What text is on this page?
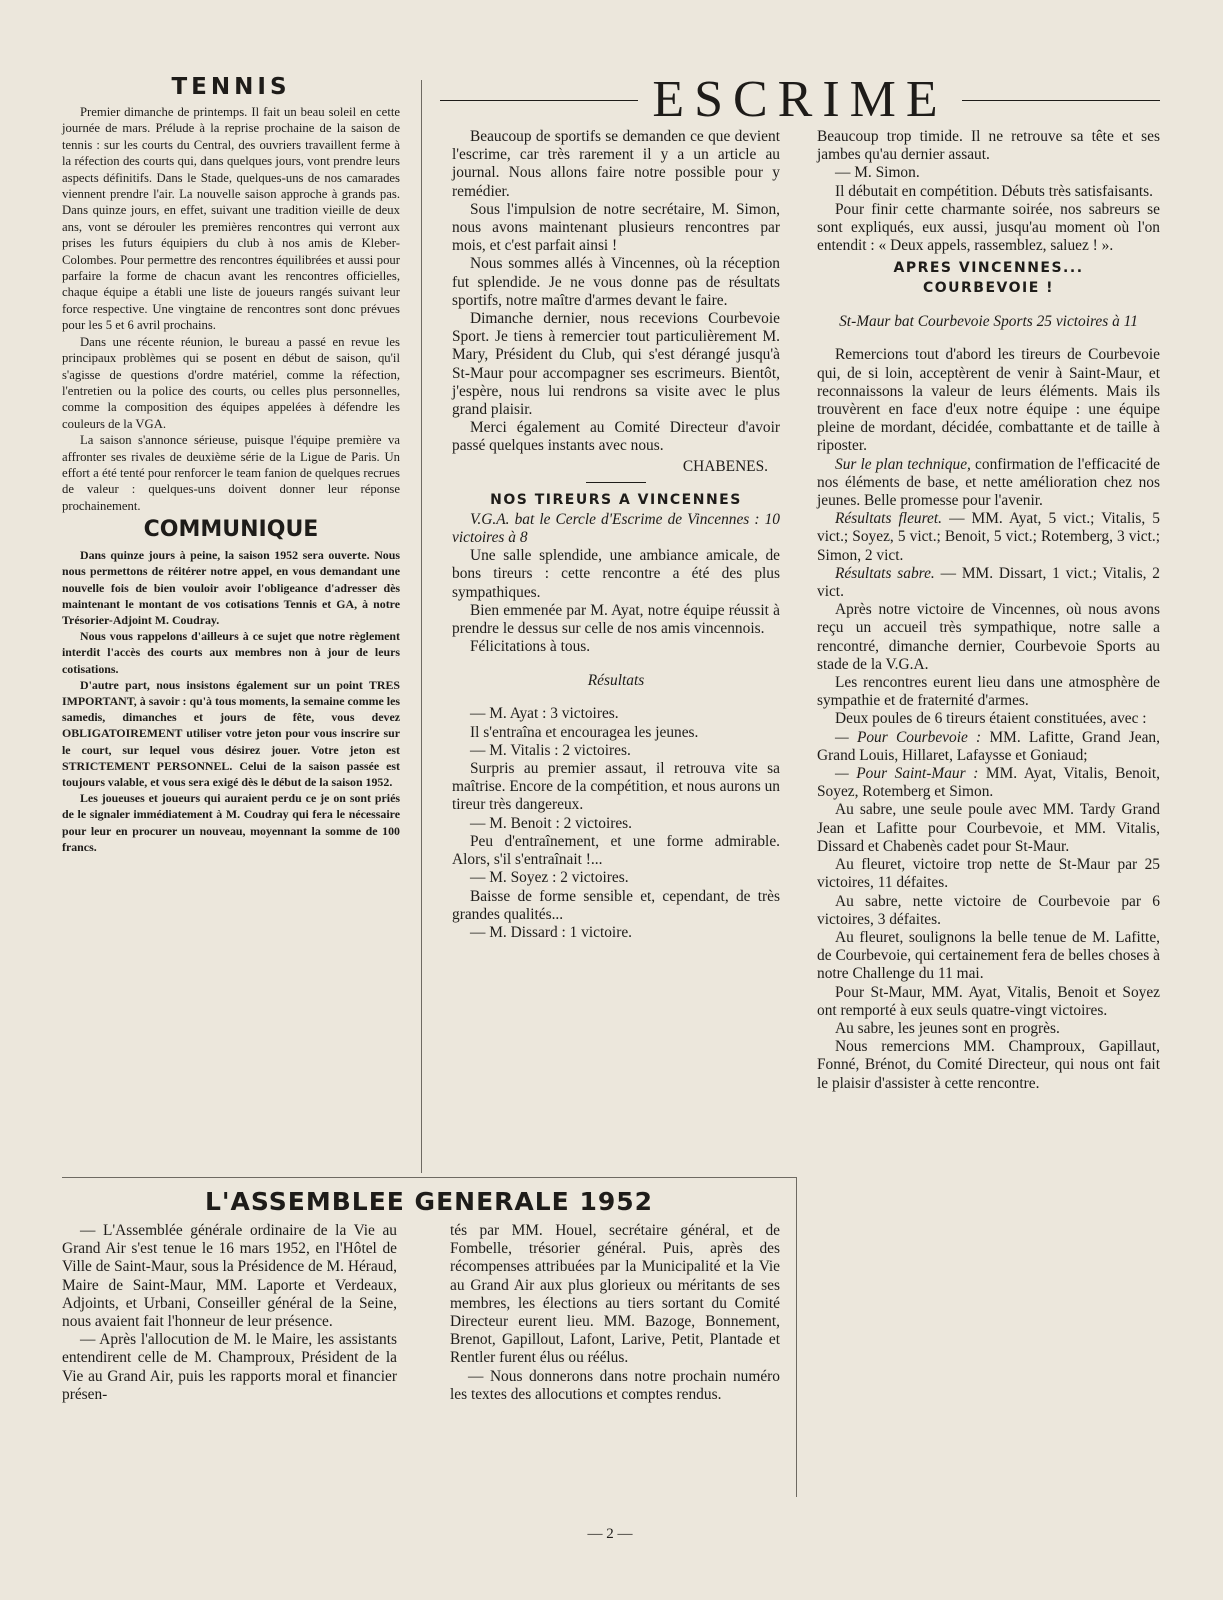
TENNIS

Premier dimanche de printemps. Il fait un beau soleil en cette journée de mars. Prélude à la reprise prochaine de la saison de tennis : sur les courts du Central, des ouvriers travaillent ferme à la réfection des courts qui, dans quelques jours, vont prendre leurs aspects définitifs. Dans le Stade, quelques-uns de nos camarades viennent prendre l'air. La nouvelle saison approche à grands pas. Dans quinze jours, en effet, suivant une tradition vieille de deux ans, vont se dérouler les premières rencontres qui verront aux prises les futurs équipiers du club à nos amis de Kleber-Colombes. Pour permettre des rencontres équilibrées et aussi pour parfaire la forme de chacun avant les rencontres officielles, chaque équipe a établi une liste de joueurs rangés suivant leur force respective. Une vingtaine de rencontres sont donc prévues pour les 5 et 6 avril prochains.

Dans une récente réunion, le bureau a passé en revue les principaux problèmes qui se posent en début de saison, qu'il s'agisse de questions d'ordre matériel, comme la réfection, l'entretien ou la police des courts, ou celles plus personnelles, comme la composition des équipes appelées à défendre les couleurs de la VGA.

La saison s'annonce sérieuse, puisque l'équipe première va affronter ses rivales de deuxième série de la Ligue de Paris. Un effort a été tenté pour renforcer le team fanion de quelques recrues de valeur : quelques-uns doivent donner leur réponse prochainement.

COMMUNIQUE

Dans quinze jours à peine, la saison 1952 sera ouverte. Nous nous permettons de réitérer notre appel, en vous demandant une nouvelle fois de bien vouloir avoir l'obligeance d'adresser dès maintenant le montant de vos cotisations Tennis et GA, à notre Trésorier-Adjoint M. Coudray.

Nous vous rappelons d'ailleurs à ce sujet que notre règlement interdit l'accès des courts aux membres non à jour de leurs cotisations.

D'autre part, nous insistons également sur un point TRES IMPORTANT, à savoir : qu'à tous moments, la semaine comme les samedis, dimanches et jours de fête, vous devez OBLIGATOIREMENT utiliser votre jeton pour vous inscrire sur le court, sur lequel vous désirez jouer. Votre jeton est STRICTEMENT PERSONNEL. Celui de la saison passée est toujours valable, et vous sera exigé dès le début de la saison 1952.

Les joueuses et joueurs qui auraient perdu ce je on sont priés de le signaler immédiatement à M. Coudray qui fera le nécessaire pour leur en procurer un nouveau, moyennant la somme de 100 francs.

ESCRIME

Beaucoup de sportifs se demanden ce que devient l'escrime, car très rarement il y a un article au journal. Nous allons faire notre possible pour y remédier.

Sous l'impulsion de notre secrétaire, M. Simon, nous avons maintenant plusieurs rencontres par mois, et c'est parfait ainsi !

Nous sommes allés à Vincennes, où la réception fut splendide. Je ne vous donne pas de résultats sportifs, notre maître d'armes devant le faire.

Dimanche dernier, nous recevions Courbevoie Sport. Je tiens à remercier tout particulièrement M. Mary, Président du Club, qui s'est dérangé jusqu'à St-Maur pour accompagner ses escrimeurs. Bientôt, j'espère, nous lui rendrons sa visite avec le plus grand plaisir.

Merci également au Comité Directeur d'avoir passé quelques instants avec nous.

CHABENES.

NOS TIREURS A VINCENNES

V.G.A. bat le Cercle d'Escrime de Vincennes : 10 victoires à 8

Une salle splendide, une ambiance amicale, de bons tireurs : cette rencontre a été des plus sympathiques.

Bien emmenée par M. Ayat, notre équipe réussit à prendre le dessus sur celle de nos amis vincennois.

Félicitations à tous.

Résultats

— M. Ayat : 3 victoires.

Il s'entraîna et encouragea les jeunes.

— M. Vitalis : 2 victoires.

Surpris au premier assaut, il retrouva vite sa maîtrise. Encore de la compétition, et nous aurons un tireur très dangereux.

— M. Benoit : 2 victoires.

Peu d'entraînement, et une forme admirable. Alors, s'il s'entraînait !...

— M. Soyez : 2 victoires.

Baisse de forme sensible et, cependant, de très grandes qualités...

— M. Dissard : 1 victoire.

Beaucoup trop timide. Il ne retrouve sa tête et ses jambes qu'au dernier assaut.

— M. Simon.

Il débutait en compétition. Débuts très satisfaisants.

Pour finir cette charmante soirée, nos sabreurs se sont expliqués, eux aussi, jusqu'au moment où l'on entendit : « Deux appels, rassemblez, saluez ! ».

APRES VINCENNES...
COURBEVOIE !

St-Maur bat Courbevoie Sports 25 victoires à 11

Remercions tout d'abord les tireurs de Courbevoie qui, de si loin, acceptèrent de venir à Saint-Maur, et reconnaissons la valeur de leurs éléments. Mais ils trouvèrent en face d'eux notre équipe : une équipe pleine de mordant, décidée, combattante et de taille à riposter.

Sur le plan technique, confirmation de l'efficacité de nos éléments de base, et nette amélioration chez nos jeunes. Belle promesse pour l'avenir.

Résultats fleuret. — MM. Ayat, 5 vict.; Vitalis, 5 vict.; Soyez, 5 vict.; Benoit, 5 vict.; Rotemberg, 3 vict.; Simon, 2 vict.

Résultats sabre. — MM. Dissart, 1 vict.; Vitalis, 2 vict.

Après notre victoire de Vincennes, où nous avons reçu un accueil très sympathique, notre salle a rencontré, dimanche dernier, Courbevoie Sports au stade de la V.G.A.

Les rencontres eurent lieu dans une atmosphère de sympathie et de fraternité d'armes.

Deux poules de 6 tireurs étaient constituées, avec :

— Pour Courbevoie : MM. Lafitte, Grand Jean, Grand Louis, Hillaret, Lafaysse et Goniaud;

— Pour Saint-Maur : MM. Ayat, Vitalis, Benoit, Soyez, Rotemberg et Simon.

Au sabre, une seule poule avec MM. Tardy Grand Jean et Lafitte pour Courbevoie, et MM. Vitalis, Dissard et Chabenès cadet pour St-Maur.

Au fleuret, victoire trop nette de St-Maur par 25 victoires, 11 défaites.

Au sabre, nette victoire de Courbevoie par 6 victoires, 3 défaites.

Au fleuret, soulignons la belle tenue de M. Lafitte, de Courbevoie, qui certainement fera de belles choses à notre Challenge du 11 mai.

Pour St-Maur, MM. Ayat, Vitalis, Benoit et Soyez ont remporté à eux seuls quatre-vingt victoires.

Au sabre, les jeunes sont en progrès.

Nous remercions MM. Champroux, Gapillaut, Fonné, Brénot, du Comité Directeur, qui nous ont fait le plaisir d'assister à cette rencontre.

L'ASSEMBLEE GENERALE 1952

— L'Assemblée générale ordinaire de la Vie au Grand Air s'est tenue le 16 mars 1952, en l'Hôtel de Ville de Saint-Maur, sous la Présidence de M. Héraud, Maire de Saint-Maur, MM. Laporte et Verdeaux, Adjoints, et Urbani, Conseiller général de la Seine, nous avaient fait l'honneur de leur présence.

— Après l'allocution de M. le Maire, les assistants entendirent celle de M. Champroux, Président de la Vie au Grand Air, puis les rapports moral et financier présen-

tés par MM. Houel, secrétaire général, et de Fombelle, trésorier général. Puis, après des récompenses attribuées par la Municipalité et la Vie au Grand Air aux plus glorieux ou méritants de ses membres, les élections au tiers sortant du Comité Directeur eurent lieu. MM. Bazoge, Bonnement, Brenot, Gapillout, Lafont, Larive, Petit, Plantade et Rentler furent élus ou réélus.

— Nous donnerons dans notre prochain numéro les textes des allocutions et comptes rendus.

— 2 —
